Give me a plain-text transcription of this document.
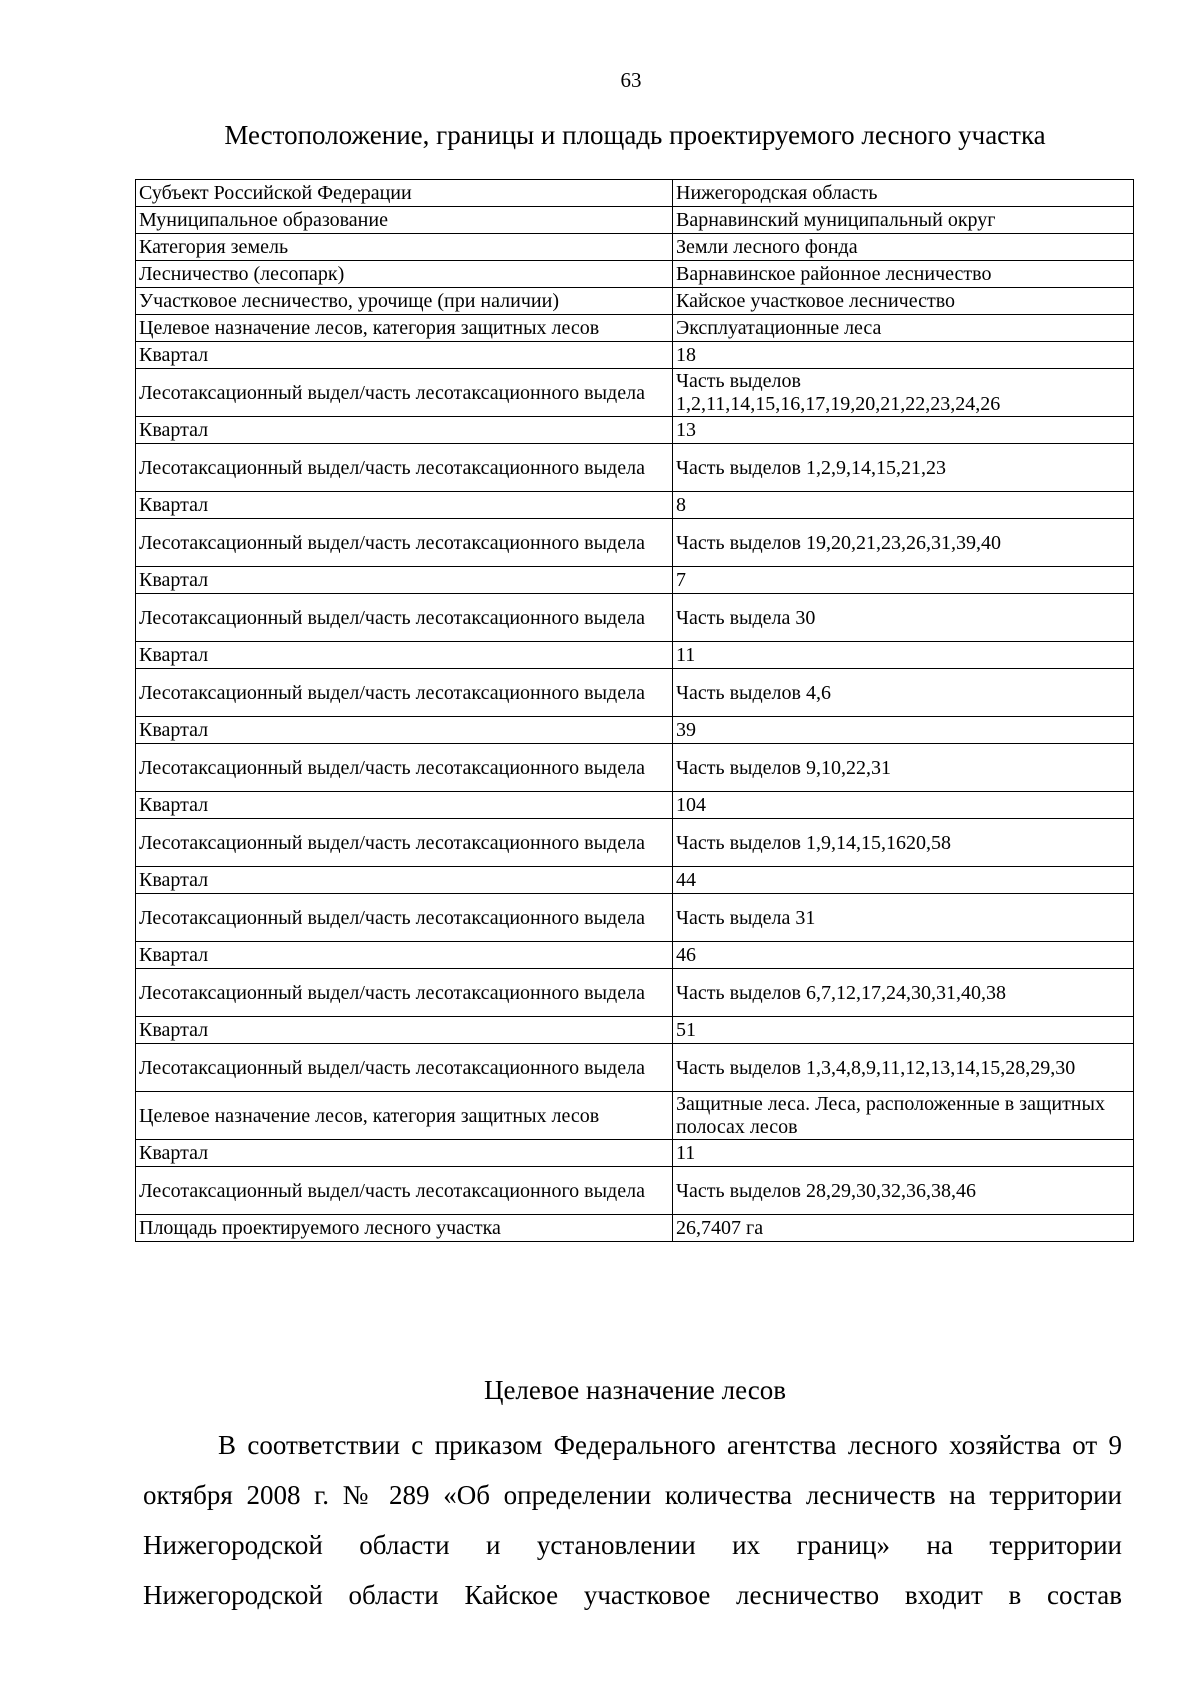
63
Местоположение, границы и площадь проектируемого лесного участка
Субъект Российской Федерации	Нижегородская область
Муниципальное образование	Варнавинский муниципальный округ
Категория земель	Земли лесного фонда
Лесничество (лесопарк)	Варнавинское районное лесничество
Участковое лесничество, урочище (при наличии)	Кайское участковое лесничество
Целевое назначение лесов, категория защитных лесов	Эксплуатационные леса
Квартал	18
Лесотаксационный выдел/часть лесотаксационного выдела	Часть выделов 1,2,11,14,15,16,17,19,20,21,22,23,24,26
Квартал	13
Лесотаксационный выдел/часть лесотаксационного выдела	Часть выделов 1,2,9,14,15,21,23
Квартал	8
Лесотаксационный выдел/часть лесотаксационного выдела	Часть выделов 19,20,21,23,26,31,39,40
Квартал	7
Лесотаксационный выдел/часть лесотаксационного выдела	Часть выдела 30
Квартал	11
Лесотаксационный выдел/часть лесотаксационного выдела	Часть выделов 4,6
Квартал	39
Лесотаксационный выдел/часть лесотаксационного выдела	Часть выделов 9,10,22,31
Квартал	104
Лесотаксационный выдел/часть лесотаксационного выдела	Часть выделов 1,9,14,15,1620,58
Квартал	44
Лесотаксационный выдел/часть лесотаксационного выдела	Часть выдела 31
Квартал	46
Лесотаксационный выдел/часть лесотаксационного выдела	Часть выделов 6,7,12,17,24,30,31,40,38
Квартал	51
Лесотаксационный выдел/часть лесотаксационного выдела	Часть выделов 1,3,4,8,9,11,12,13,14,15,28,29,30
Целевое назначение лесов, категория защитных лесов	Защитные леса. Леса, расположенные в защитных полосах лесов
Квартал	11
Лесотаксационный выдел/часть лесотаксационного выдела	Часть выделов 28,29,30,32,36,38,46
Площадь проектируемого лесного участка	26,7407 га
Целевое назначение лесов
В соответствии с приказом Федерального агентства лесного хозяйства от 9
октября 2008 г. № 289 «Об определении количества лесничеств на территории
Нижегородской области и установлении их границ» на территории
Нижегородской области Кайское участковое лесничество входит в состав
